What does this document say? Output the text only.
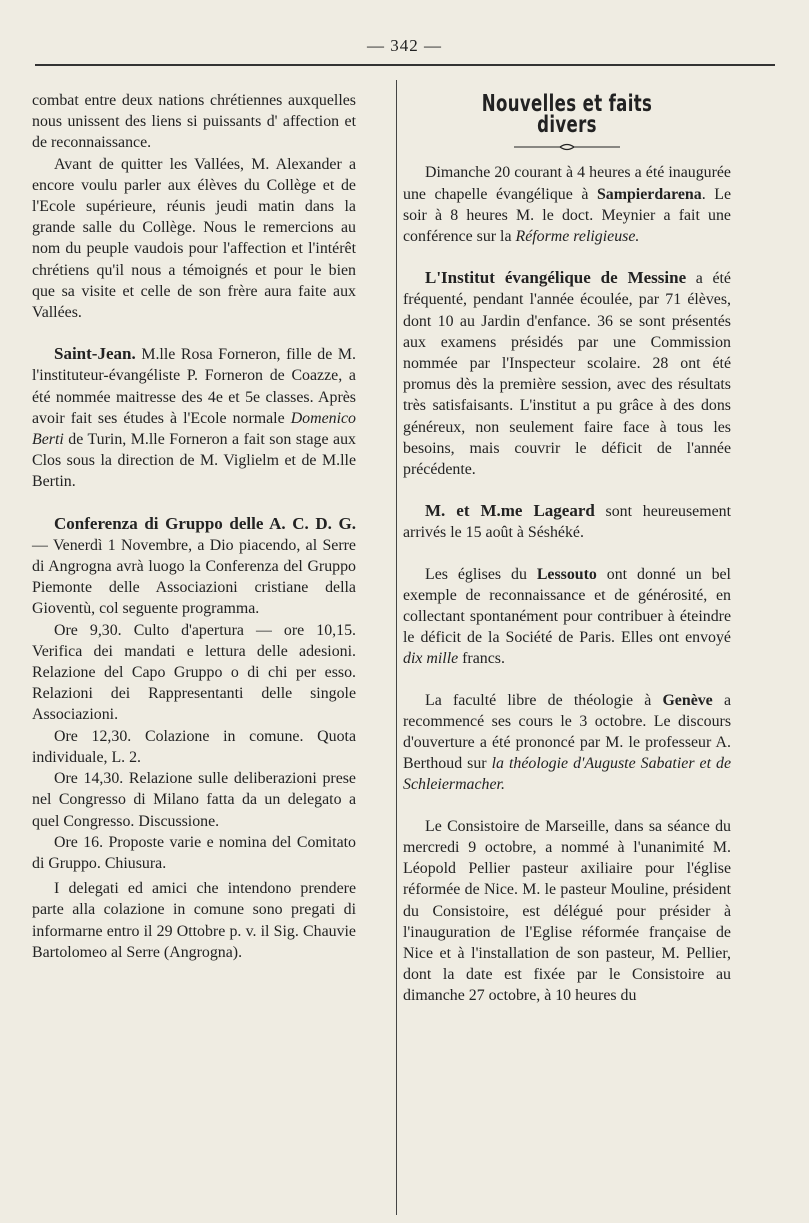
— 342 —

combat entre deux nations chrétiennes auxquelles nous unissent des liens si puissants d' affection et de reconnaissance.

Avant de quitter les Vallées, M. Alexander a encore voulu parler aux élèves du Collège et de l'Ecole supérieure, réunis jeudi matin dans la grande salle du Collège. Nous le remercions au nom du peuple vaudois pour l'affection et l'intérêt chrétiens qu'il nous a témoignés et pour le bien que sa visite et celle de son frère aura faite aux Vallées.

Saint-Jean. M.lle Rosa Forneron, fille de M. l'instituteur-évangéliste P. Forneron de Coazze, a été nommée maitresse des 4e et 5e classes. Après avoir fait ses études à l'Ecole normale Domenico Berti de Turin, M.lle Forneron a fait son stage aux Clos sous la direction de M. Viglielm et de M.lle Bertin.

Conferenza di Gruppo delle A. C. D. G. — Venerdì 1 Novembre, a Dio piacendo, al Serre di Angrogna avrà luogo la Conferenza del Gruppo Piemonte delle Associazioni cristiane della Gioventù, col seguente programma.

Ore 9,30. Culto d'apertura — ore 10,15. Verifica dei mandati e lettura delle adesioni. Relazione del Capo Gruppo o di chi per esso. Relazioni dei Rappresentanti delle singole Associazioni.

Ore 12,30. Colazione in comune. Quota individuale, L. 2.

Ore 14,30. Relazione sulle deliberazioni prese nel Congresso di Milano fatta da un delegato a quel Congresso. Discussione.

Ore 16. Proposte varie e nomina del Comitato di Gruppo. Chiusura.

I delegati ed amici che intendono prendere parte alla colazione in comune sono pregati di informarne entro il 29 Ottobre p. v. il Sig. Chauvie Bartolomeo al Serre (Angrogna).

Nouvelles et faits divers

Dimanche 20 courant à 4 heures a été inaugurée une chapelle évangélique à Sampierdarena. Le soir à 8 heures M. le doct. Meynier a fait une conférence sur la Réforme religieuse.

L'Institut évangélique de Messine a été fréquenté, pendant l'année écoulée, par 71 élèves, dont 10 au Jardin d'enfance. 36 se sont présentés aux examens présidés par une Commission nommée par l'Inspecteur scolaire. 28 ont été promus dès la première session, avec des résultats très satisfaisants. L'institut a pu grâce à des dons généreux, non seulement faire face à tous les besoins, mais couvrir le déficit de l'année précédente.

M. et M.me Lageard sont heureusement arrivés le 15 août à Séshéké.

Les églises du Lessouto ont donné un bel exemple de reconnaissance et de générosité, en collectant spontanément pour contribuer à éteindre le déficit de la Société de Paris. Elles ont envoyé dix mille francs.

La faculté libre de théologie à Genève a recommencé ses cours le 3 octobre. Le discours d'ouverture a été prononcé par M. le professeur A. Berthoud sur la théologie d'Auguste Sabatier et de Schleiermacher.

Le Consistoire de Marseille, dans sa séance du mercredi 9 octobre, a nommé à l'unanimité M. Léopold Pellier pasteur axiliaire pour l'église réformée de Nice. M. le pasteur Mouline, président du Consistoire, est délégué pour présider à l'inauguration de l'Eglise réformée française de Nice et à l'installation de son pasteur, M. Pellier, dont la date est fixée par le Consistoire au dimanche 27 octobre, à 10 heures du
